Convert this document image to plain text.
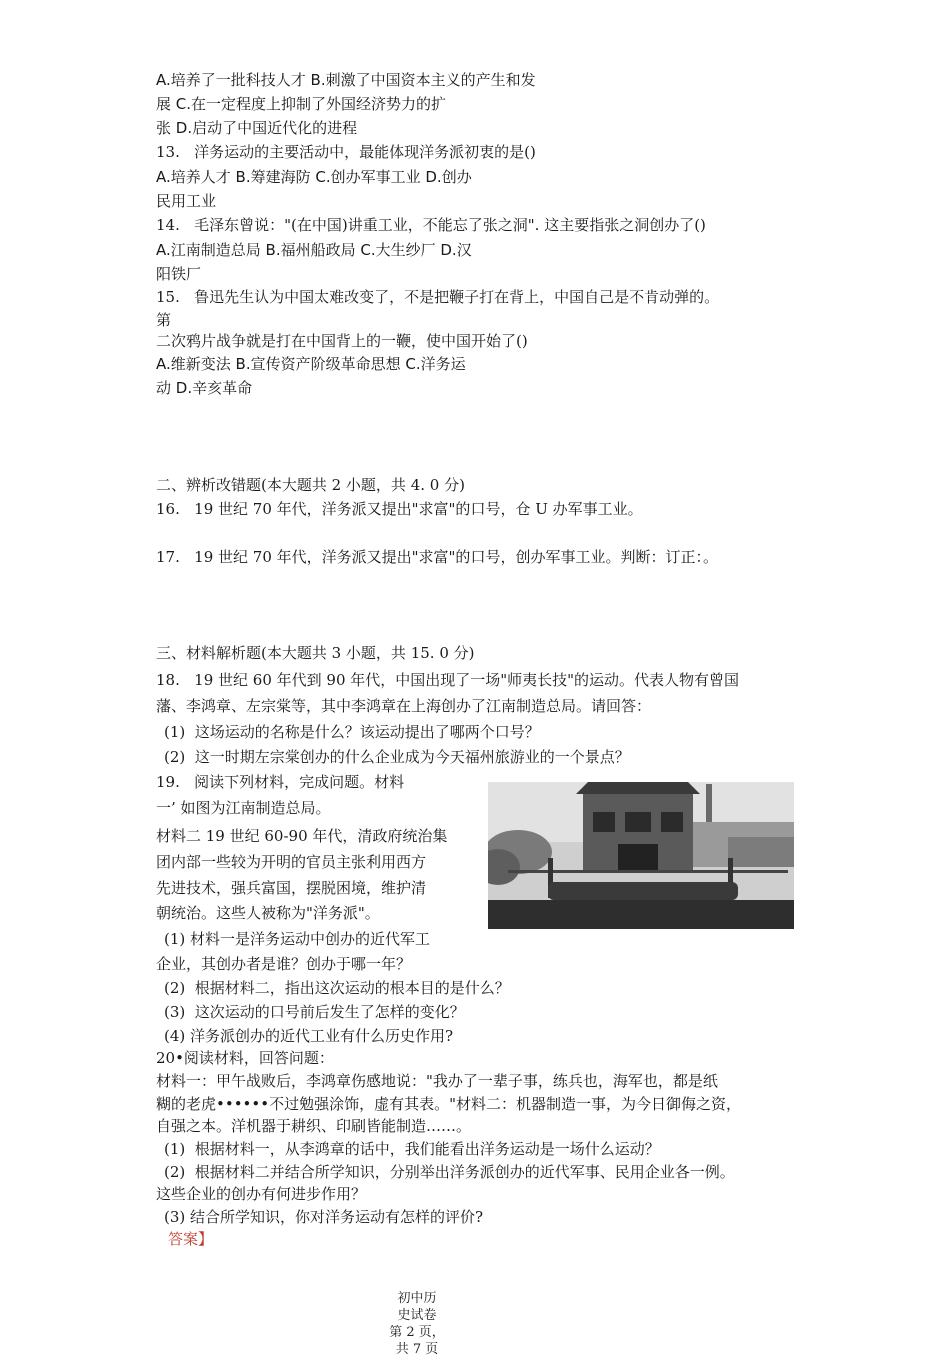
A.培养了一批科技人才 B.刺激了中国资本主义的产生和发
展 C.在一定程度上抑制了外国经济势力的扩
张 D.启动了中国近代化的进程
13.   洋务运动的主要活动中，最能体现洋务派初衷的是()
A.培养人才 B.筹建海防 C.创办军事工业 D.创办
民用工业
14.   毛泽东曾说："(在中国)讲重工业，不能忘了张之洞". 这主要指张之洞创办了()
A.江南制造总局 B.福州船政局 C.大生纱厂 D.汉
阳铁厂
15.   鲁迅先生认为中国太难改变了，不是把鞭子打在背上，中国自己是不肯动弹的。
第
二次鸦片战争就是打在中国背上的一鞭，使中国开始了()
A.维新变法 B.宣传资产阶级革命思想 C.洋务运
动 D.辛亥革命
二、辨析改错题(本大题共 2 小题，共 4. 0 分)
16.   19 世纪 70 年代，洋务派又提出"求富"的口号，仓 U 办军事工业。
17.   19 世纪 70 年代，洋务派又提出"求富"的口号，创办军事工业。判断：订正：。
三、材料解析题(本大题共 3 小题，共 15. 0 分)
18.   19 世纪 60 年代到 90 年代，中国出现了一场"师夷长技"的运动。代表人物有曾国
藩、李鸿章、左宗棠等，其中李鸿章在上海创办了江南制造总局。请回答：
(1)  这场运动的名称是什么？该运动提出了哪两个口号？
(2)  这一时期左宗棠创办的什么企业成为今天福州旅游业的一个景点？
19.   阅读下列材料，完成问题。材料
一’ 如图为江南制造总局。
材料二 19 世纪 60-90 年代，清政府统治集
团内部一些较为开明的官员主张利用西方
先进技术，强兵富国，摆脱困境，维护清
朝统治。这些人被称为"洋务派"。
(1) 材料一是洋务运动中创办的近代军工
企业，其创办者是谁？创办于哪一年？
(2)  根据材料二，指出这次运动的根本目的是什么？
(3)  这次运动的口号前后发生了怎样的变化？
(4) 洋务派创办的近代工业有什么历史作用?
20•阅读材料，回答问题：
材料一：甲午战败后，李鸿章伤感地说："我办了一辈子事，练兵也，海军也，都是纸
糊的老虎••••••不过勉强涂饰，虚有其表。"材料二：机器制造一事，为今日御侮之资，
自强之本。洋机器于耕织、印刷皆能制造……。
(1)  根据材料一，从李鸿章的话中，我们能看出洋务运动是一场什么运动？
(2)  根据材料二并结合所学知识，分别举出洋务派创办的近代军事、民用企业各一例。
这些企业的创办有何进步作用？
(3) 结合所学知识，你对洋务运动有怎样的评价?
答案】
初中历
史试卷
第 2 页，
共 7 页
